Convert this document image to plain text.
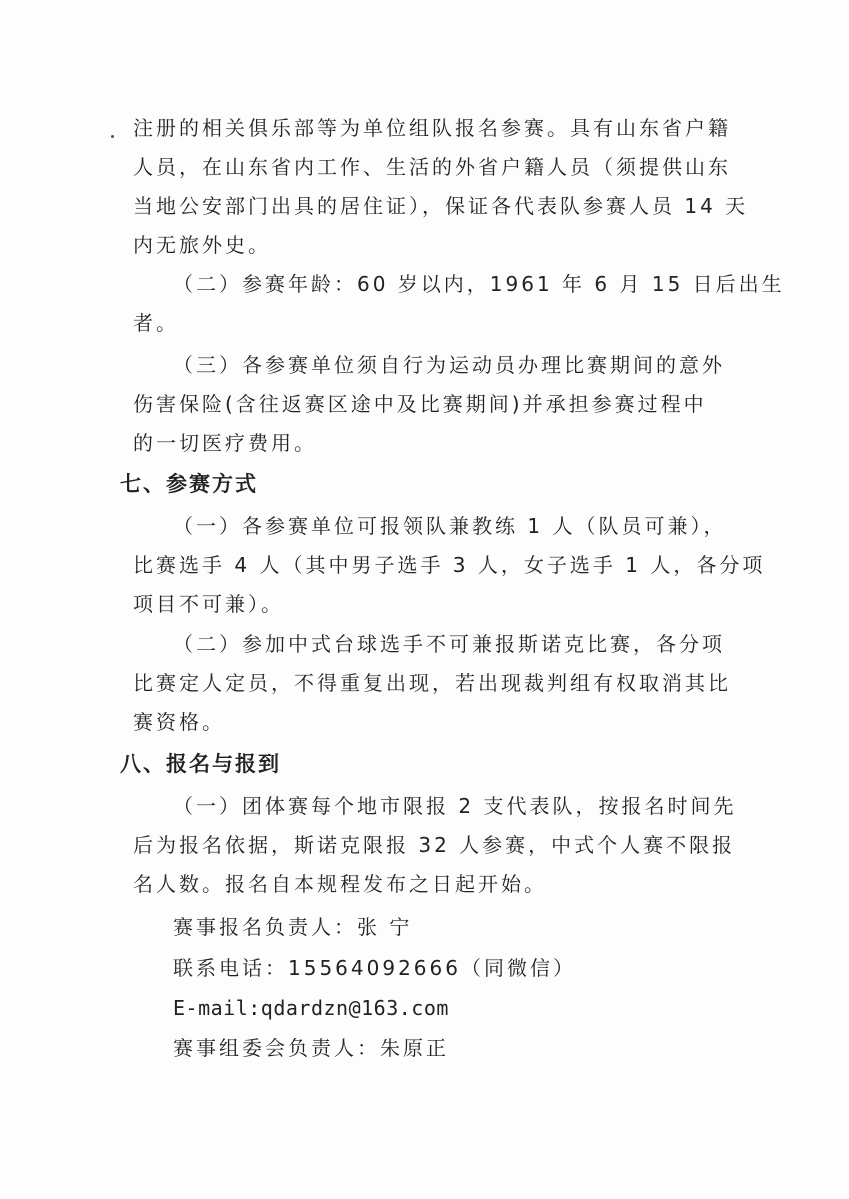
注册的相关俱乐部等为单位组队报名参赛。具有山东省户籍

人员，在山东省内工作、生活的外省户籍人员（须提供山东

当地公安部门出具的居住证），保证各代表队参赛人员 14 天

内无旅外史。

（二）参赛年龄：60 岁以内，1961 年 6 月 15 日后出生

者。

（三）各参赛单位须自行为运动员办理比赛期间的意外

伤害保险(含往返赛区途中及比赛期间)并承担参赛过程中

的一切医疗费用。

七、参赛方式

（一）各参赛单位可报领队兼教练 1 人（队员可兼），

比赛选手 4 人（其中男子选手 3 人，女子选手 1 人，各分项

项目不可兼）。

（二）参加中式台球选手不可兼报斯诺克比赛，各分项

比赛定人定员，不得重复出现，若出现裁判组有权取消其比

赛资格。

八、报名与报到

（一）团体赛每个地市限报 2 支代表队，按报名时间先

后为报名依据，斯诺克限报 32 人参赛，中式个人赛不限报

名人数。报名自本规程发布之日起开始。

赛事报名负责人：张 宁

联系电话：15564092666（同微信）

E-mail:qdardzn@163.com

赛事组委会负责人：朱原正
